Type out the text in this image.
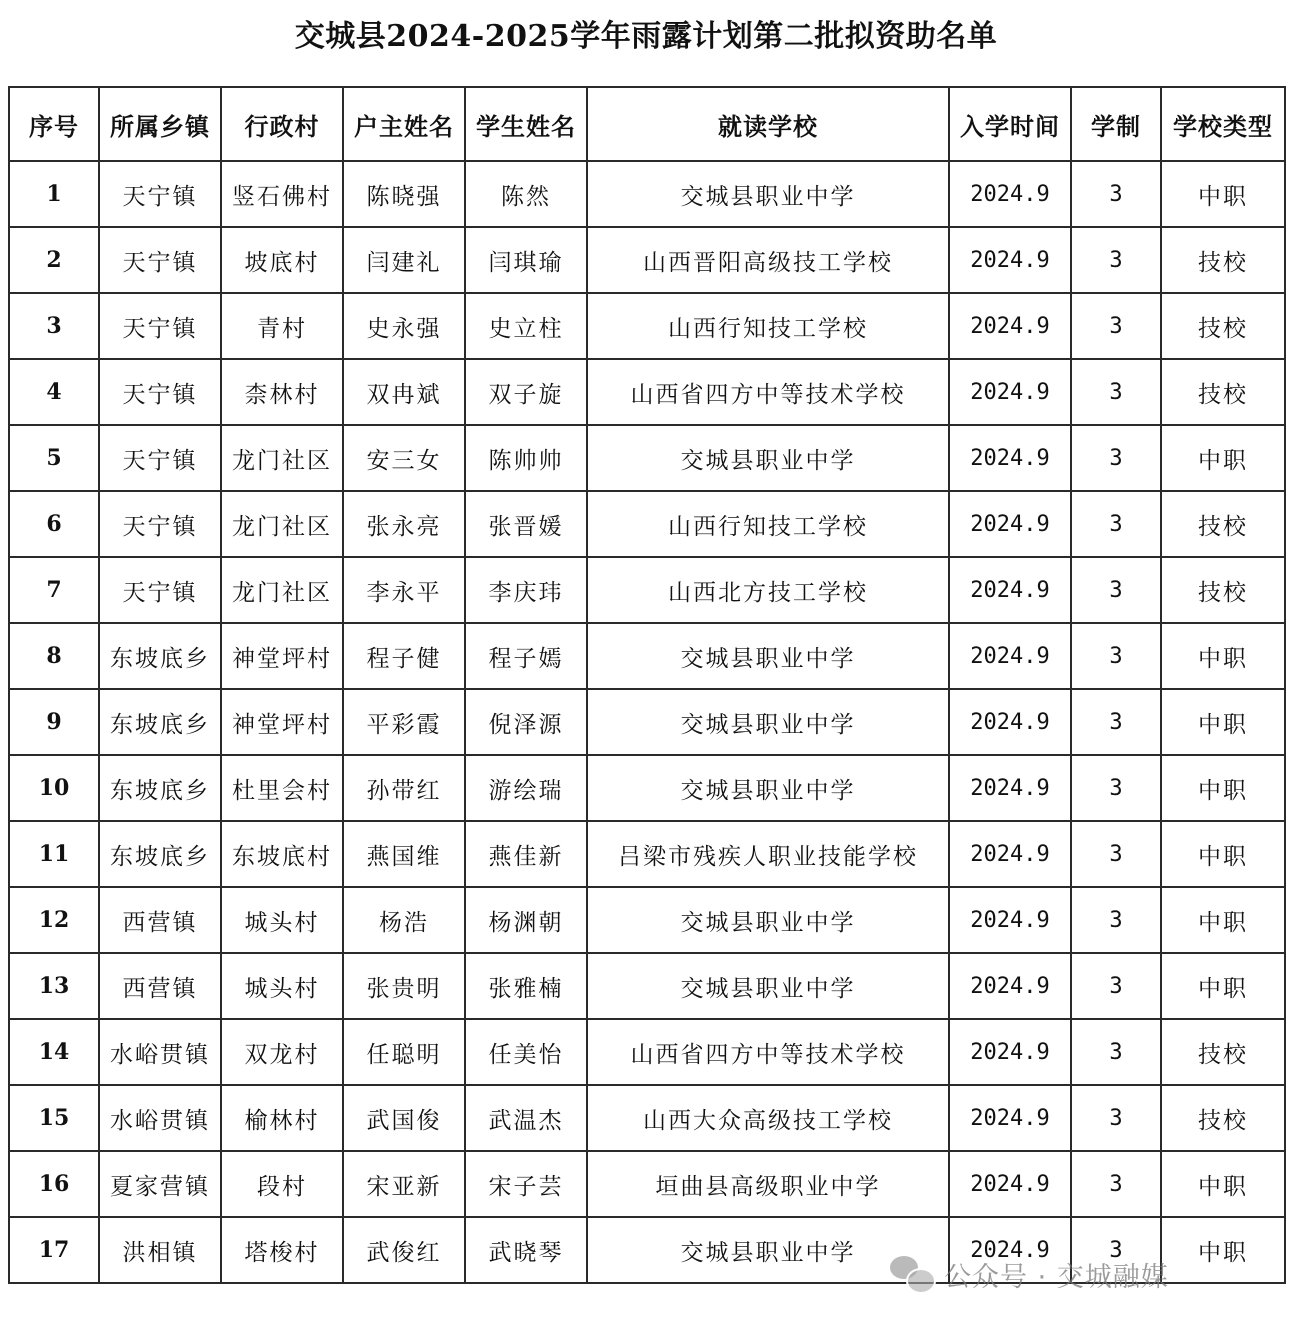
交城县2024-2025学年雨露计划第二批拟资助名单
序号	所属乡镇	行政村	户主姓名	学生姓名	就读学校	入学时间	学制	学校类型
1	天宁镇	竖石佛村	陈晓强	陈然	交城县职业中学	2024.9	3	中职
2	天宁镇	坡底村	闫建礼	闫琪瑜	山西晋阳高级技工学校	2024.9	3	技校
3	天宁镇	青村	史永强	史立柱	山西行知技工学校	2024.9	3	技校
4	天宁镇	柰林村	双冉斌	双子旋	山西省四方中等技术学校	2024.9	3	技校
5	天宁镇	龙门社区	安三女	陈帅帅	交城县职业中学	2024.9	3	中职
6	天宁镇	龙门社区	张永亮	张晋媛	山西行知技工学校	2024.9	3	技校
7	天宁镇	龙门社区	李永平	李庆玮	山西北方技工学校	2024.9	3	技校
8	东坡底乡	神堂坪村	程子健	程子嫣	交城县职业中学	2024.9	3	中职
9	东坡底乡	神堂坪村	平彩霞	倪泽源	交城县职业中学	2024.9	3	中职
10	东坡底乡	杜里会村	孙带红	游绘瑞	交城县职业中学	2024.9	3	中职
11	东坡底乡	东坡底村	燕国维	燕佳新	吕梁市残疾人职业技能学校	2024.9	3	中职
12	西营镇	城头村	杨浩	杨渊朝	交城县职业中学	2024.9	3	中职
13	西营镇	城头村	张贵明	张雅楠	交城县职业中学	2024.9	3	中职
14	水峪贯镇	双龙村	任聪明	任美怡	山西省四方中等技术学校	2024.9	3	技校
15	水峪贯镇	榆林村	武国俊	武温杰	山西大众高级技工学校	2024.9	3	技校
16	夏家营镇	段村	宋亚新	宋子芸	垣曲县高级职业中学	2024.9	3	中职
17	洪相镇	塔梭村	武俊红	武晓琴	交城县职业中学	2024.9	3	中职
公众号 · 交城融媒
